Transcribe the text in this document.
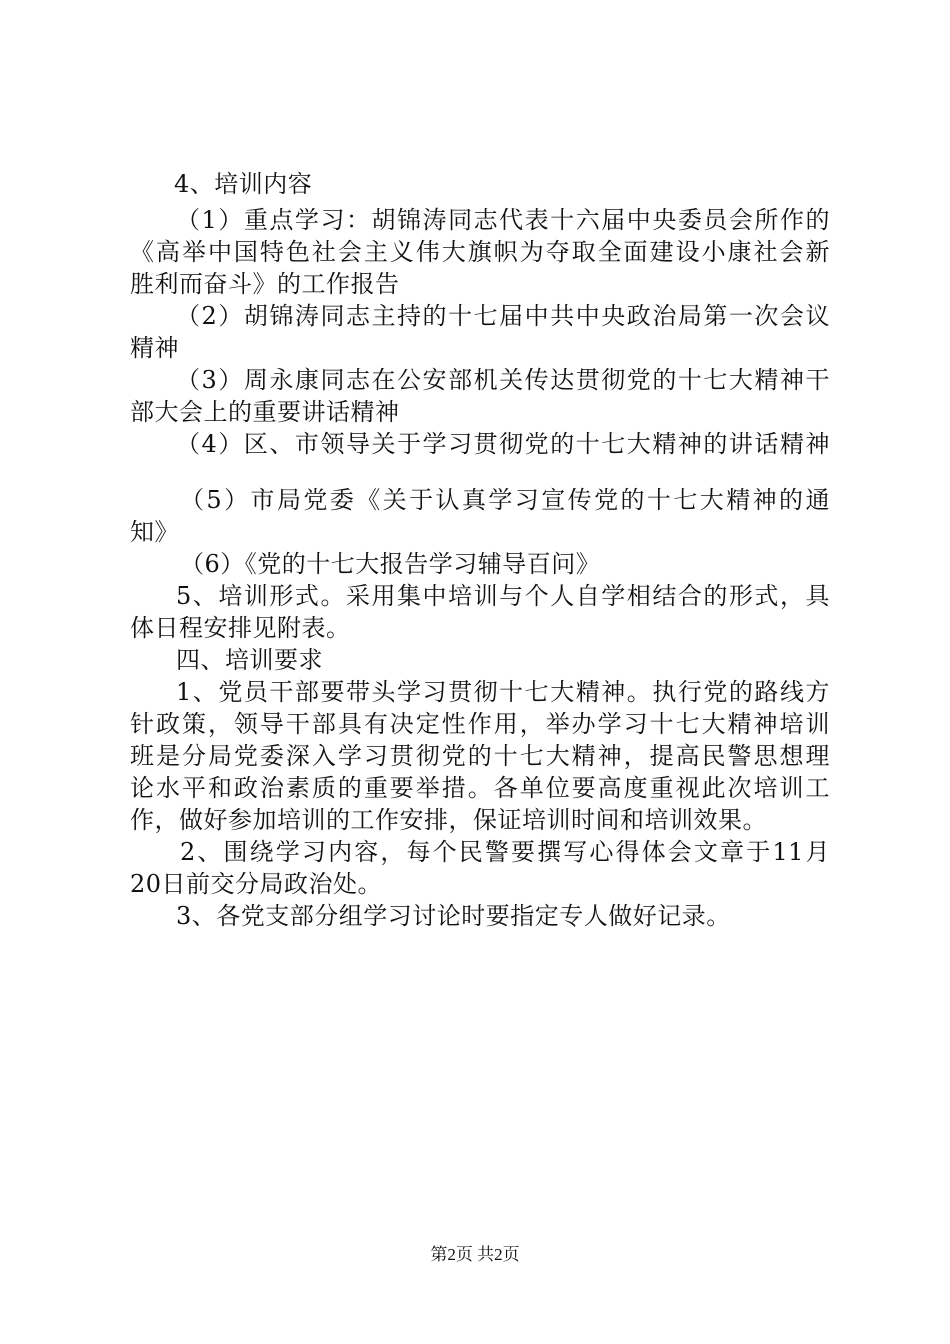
4、培训内容
（1）重点学习：胡锦涛同志代表十六届中央委员会所作的
《高举中国特色社会主义伟大旗帜为夺取全面建设小康社会新
胜利而奋斗》的工作报告
（2）胡锦涛同志主持的十七届中共中央政治局第一次会议
精神
（3）周永康同志在公安部机关传达贯彻党的十七大精神干
部大会上的重要讲话精神
（4）区、市领导关于学习贯彻党的十七大精神的讲话精神
（5）市局党委《关于认真学习宣传党的十七大精神的通
知》
（6）《党的十七大报告学习辅导百问》
5、培训形式。采用集中培训与个人自学相结合的形式，具
体日程安排见附表。
四、培训要求
1、党员干部要带头学习贯彻十七大精神。执行党的路线方
针政策，领导干部具有决定性作用，举办学习十七大精神培训
班是分局党委深入学习贯彻党的十七大精神，提高民警思想理
论水平和政治素质的重要举措。各单位要高度重视此次培训工
作，做好参加培训的工作安排，保证培训时间和培训效果。
2、围绕学习内容，每个民警要撰写心得体会文章于11月
20日前交分局政治处。
3、各党支部分组学习讨论时要指定专人做好记录。
第2页 共2页
